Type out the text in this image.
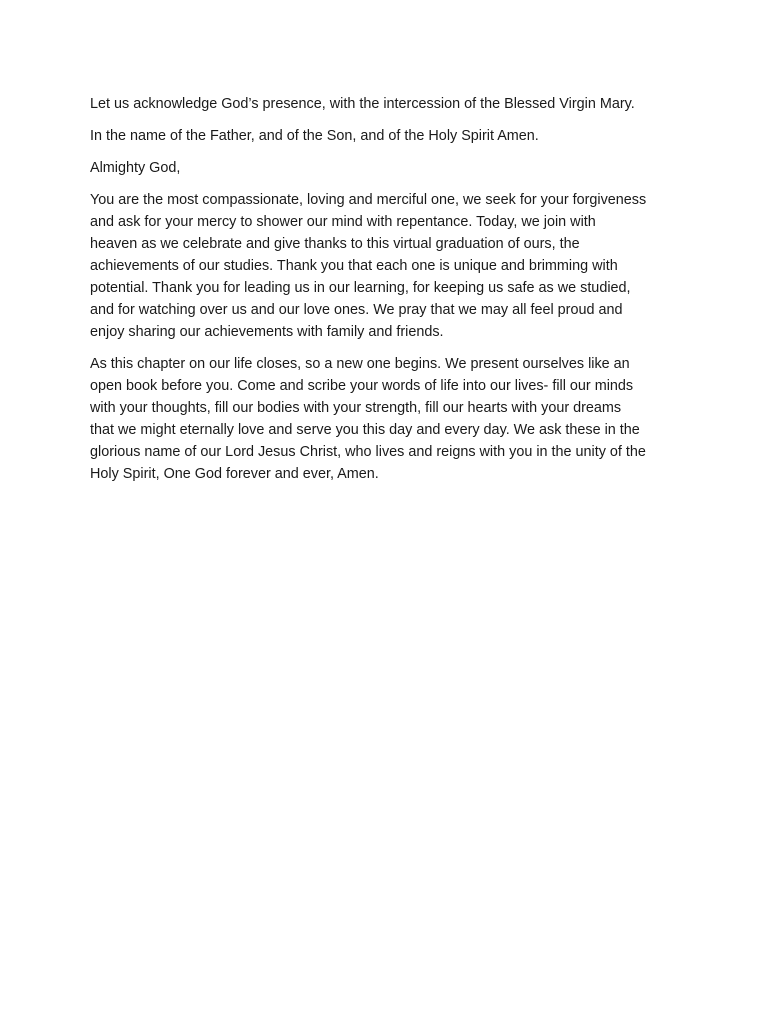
Let us acknowledge God’s presence, with the intercession of the Blessed Virgin Mary.

In the name of the Father, and of the Son, and of the Holy Spirit Amen.

Almighty God,

You are the most compassionate, loving and merciful one, we seek for your forgiveness
and ask for your mercy to shower our mind with repentance. Today, we join with
heaven as we celebrate and give thanks to this virtual graduation of ours, the
achievements of our studies. Thank you that each one is unique and brimming with
potential. Thank you for leading us in our learning, for keeping us safe as we studied,
and for watching over us and our love ones. We pray that we may all feel proud and
enjoy sharing our achievements with family and friends.

As this chapter on our life closes, so a new one begins. We present ourselves like an
open book before you. Come and scribe your words of life into our lives- fill our minds
with your thoughts, fill our bodies with your strength, fill our hearts with your dreams
that we might eternally love and serve you this day and every day. We ask these in the
glorious name of our Lord Jesus Christ, who lives and reigns with you in the unity of the
Holy Spirit, One God forever and ever, Amen.
